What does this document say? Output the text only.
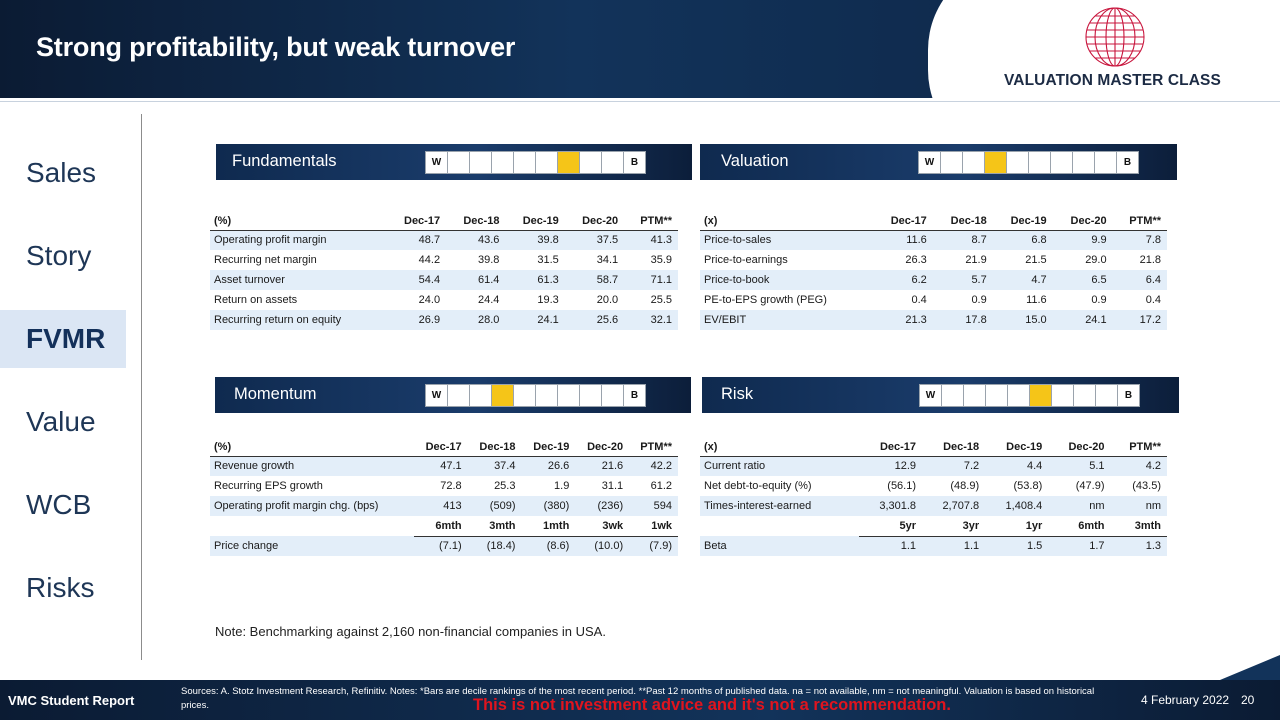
Strong profitability, but weak turnover
VALUATION MASTER CLASS
Sales
Story
FVMR
Value
WCB
Risks
Fundamentals	W	B	Valuation	W	B
Momentum	W	B	Risk	W	B
(%)	Dec-17	Dec-18	Dec-19	Dec-20	PTM**
Operating profit margin	48.7	43.6	39.8	37.5	41.3
Recurring net margin	44.2	39.8	31.5	34.1	35.9
Asset turnover	54.4	61.4	61.3	58.7	71.1
Return on assets	24.0	24.4	19.3	20.0	25.5
Recurring return on equity	26.9	28.0	24.1	25.6	32.1
(x)	Dec-17	Dec-18	Dec-19	Dec-20	PTM**
Price-to-sales	11.6	8.7	6.8	9.9	7.8
Price-to-earnings	26.3	21.9	21.5	29.0	21.8
Price-to-book	6.2	5.7	4.7	6.5	6.4
PE-to-EPS growth (PEG)	0.4	0.9	11.6	0.9	0.4
EV/EBIT	21.3	17.8	15.0	24.1	17.2
(%)	Dec-17	Dec-18	Dec-19	Dec-20	PTM**
Revenue growth	47.1	37.4	26.6	21.6	42.2
Recurring EPS growth	72.8	25.3	1.9	31.1	61.2
Operating profit margin chg. (bps)	413	(509)	(380)	(236)	594
	6mth	3mth	1mth	3wk	1wk
Price change	(7.1)	(18.4)	(8.6)	(10.0)	(7.9)
(x)	Dec-17	Dec-18	Dec-19	Dec-20	PTM**
Current ratio	12.9	7.2	4.4	5.1	4.2
Net debt-to-equity (%)	(56.1)	(48.9)	(53.8)	(47.9)	(43.5)
Times-interest-earned	3,301.8	2,707.8	1,408.4	nm	nm
	5yr	3yr	1yr	6mth	3mth
Beta	1.1	1.1	1.5	1.7	1.3
Note: Benchmarking against 2,160 non-financial companies in USA.
VMC Student Report
Sources: A. Stotz Investment Research, Refinitiv. Notes: *Bars are decile rankings of the most recent period. **Past 12 months of published data. na = not available, nm = not meaningful. Valuation is based on historical prices.	This is not investment advice and it's not a recommendation.	4 February 2022 20
